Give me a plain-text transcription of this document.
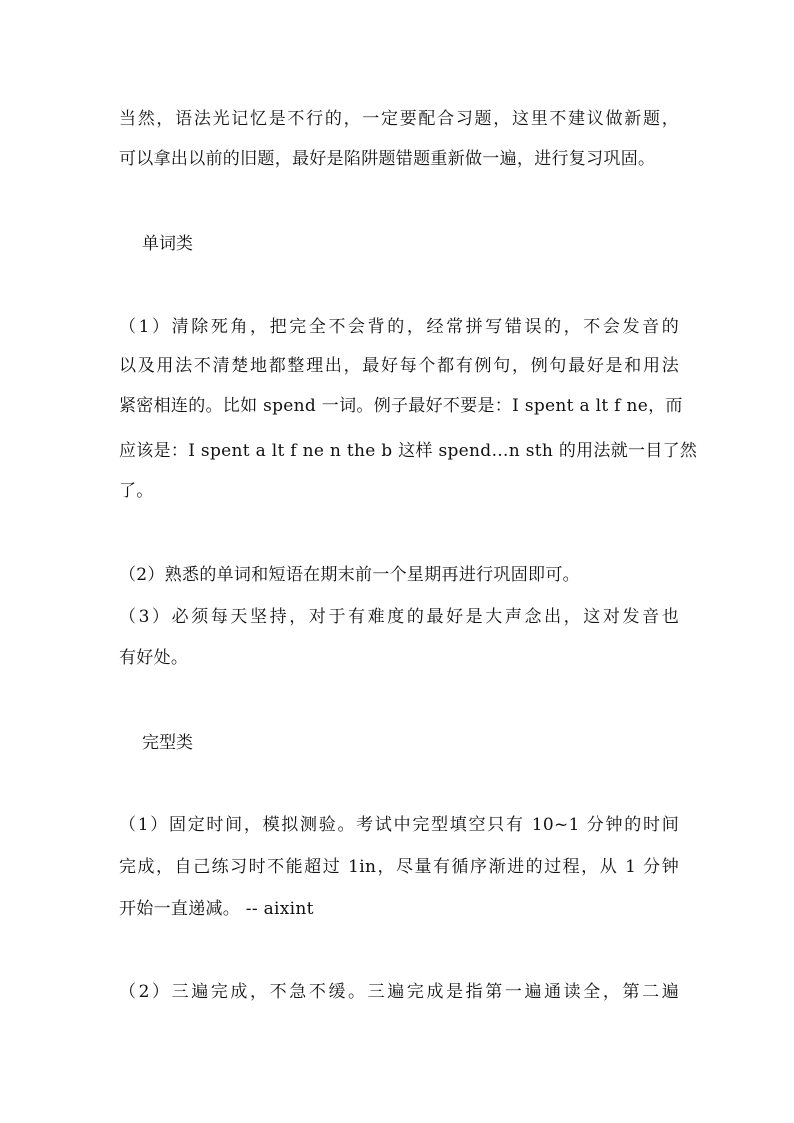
当然，语法光记忆是不行的，一定要配合习题，这里不建议做新题，
可以拿出以前的旧题，最好是陷阱题错题重新做一遍，进行复习巩固。
单词类
（1）清除死角，把完全不会背的，经常拼写错误的，不会发音的
以及用法不清楚地都整理出，最好每个都有例句，例句最好是和用法
紧密相连的。比如 spend 一词。例子最好不要是：I spent a lt f ne，而
应该是：I spent a lt f ne n the b 这样 spend…n sth 的用法就一目了然
了。
（2）熟悉的单词和短语在期末前一个星期再进行巩固即可。
（3）必须每天坚持，对于有难度的最好是大声念出，这对发音也
有好处。
完型类
（1）固定时间，模拟测验。考试中完型填空只有 10~1 分钟的时间
完成，自己练习时不能超过 1in，尽量有循序渐进的过程，从 1 分钟
开始一直递减。 -- aixint
（2）三遍完成，不急不缓。三遍完成是指第一遍通读全，第二遍
